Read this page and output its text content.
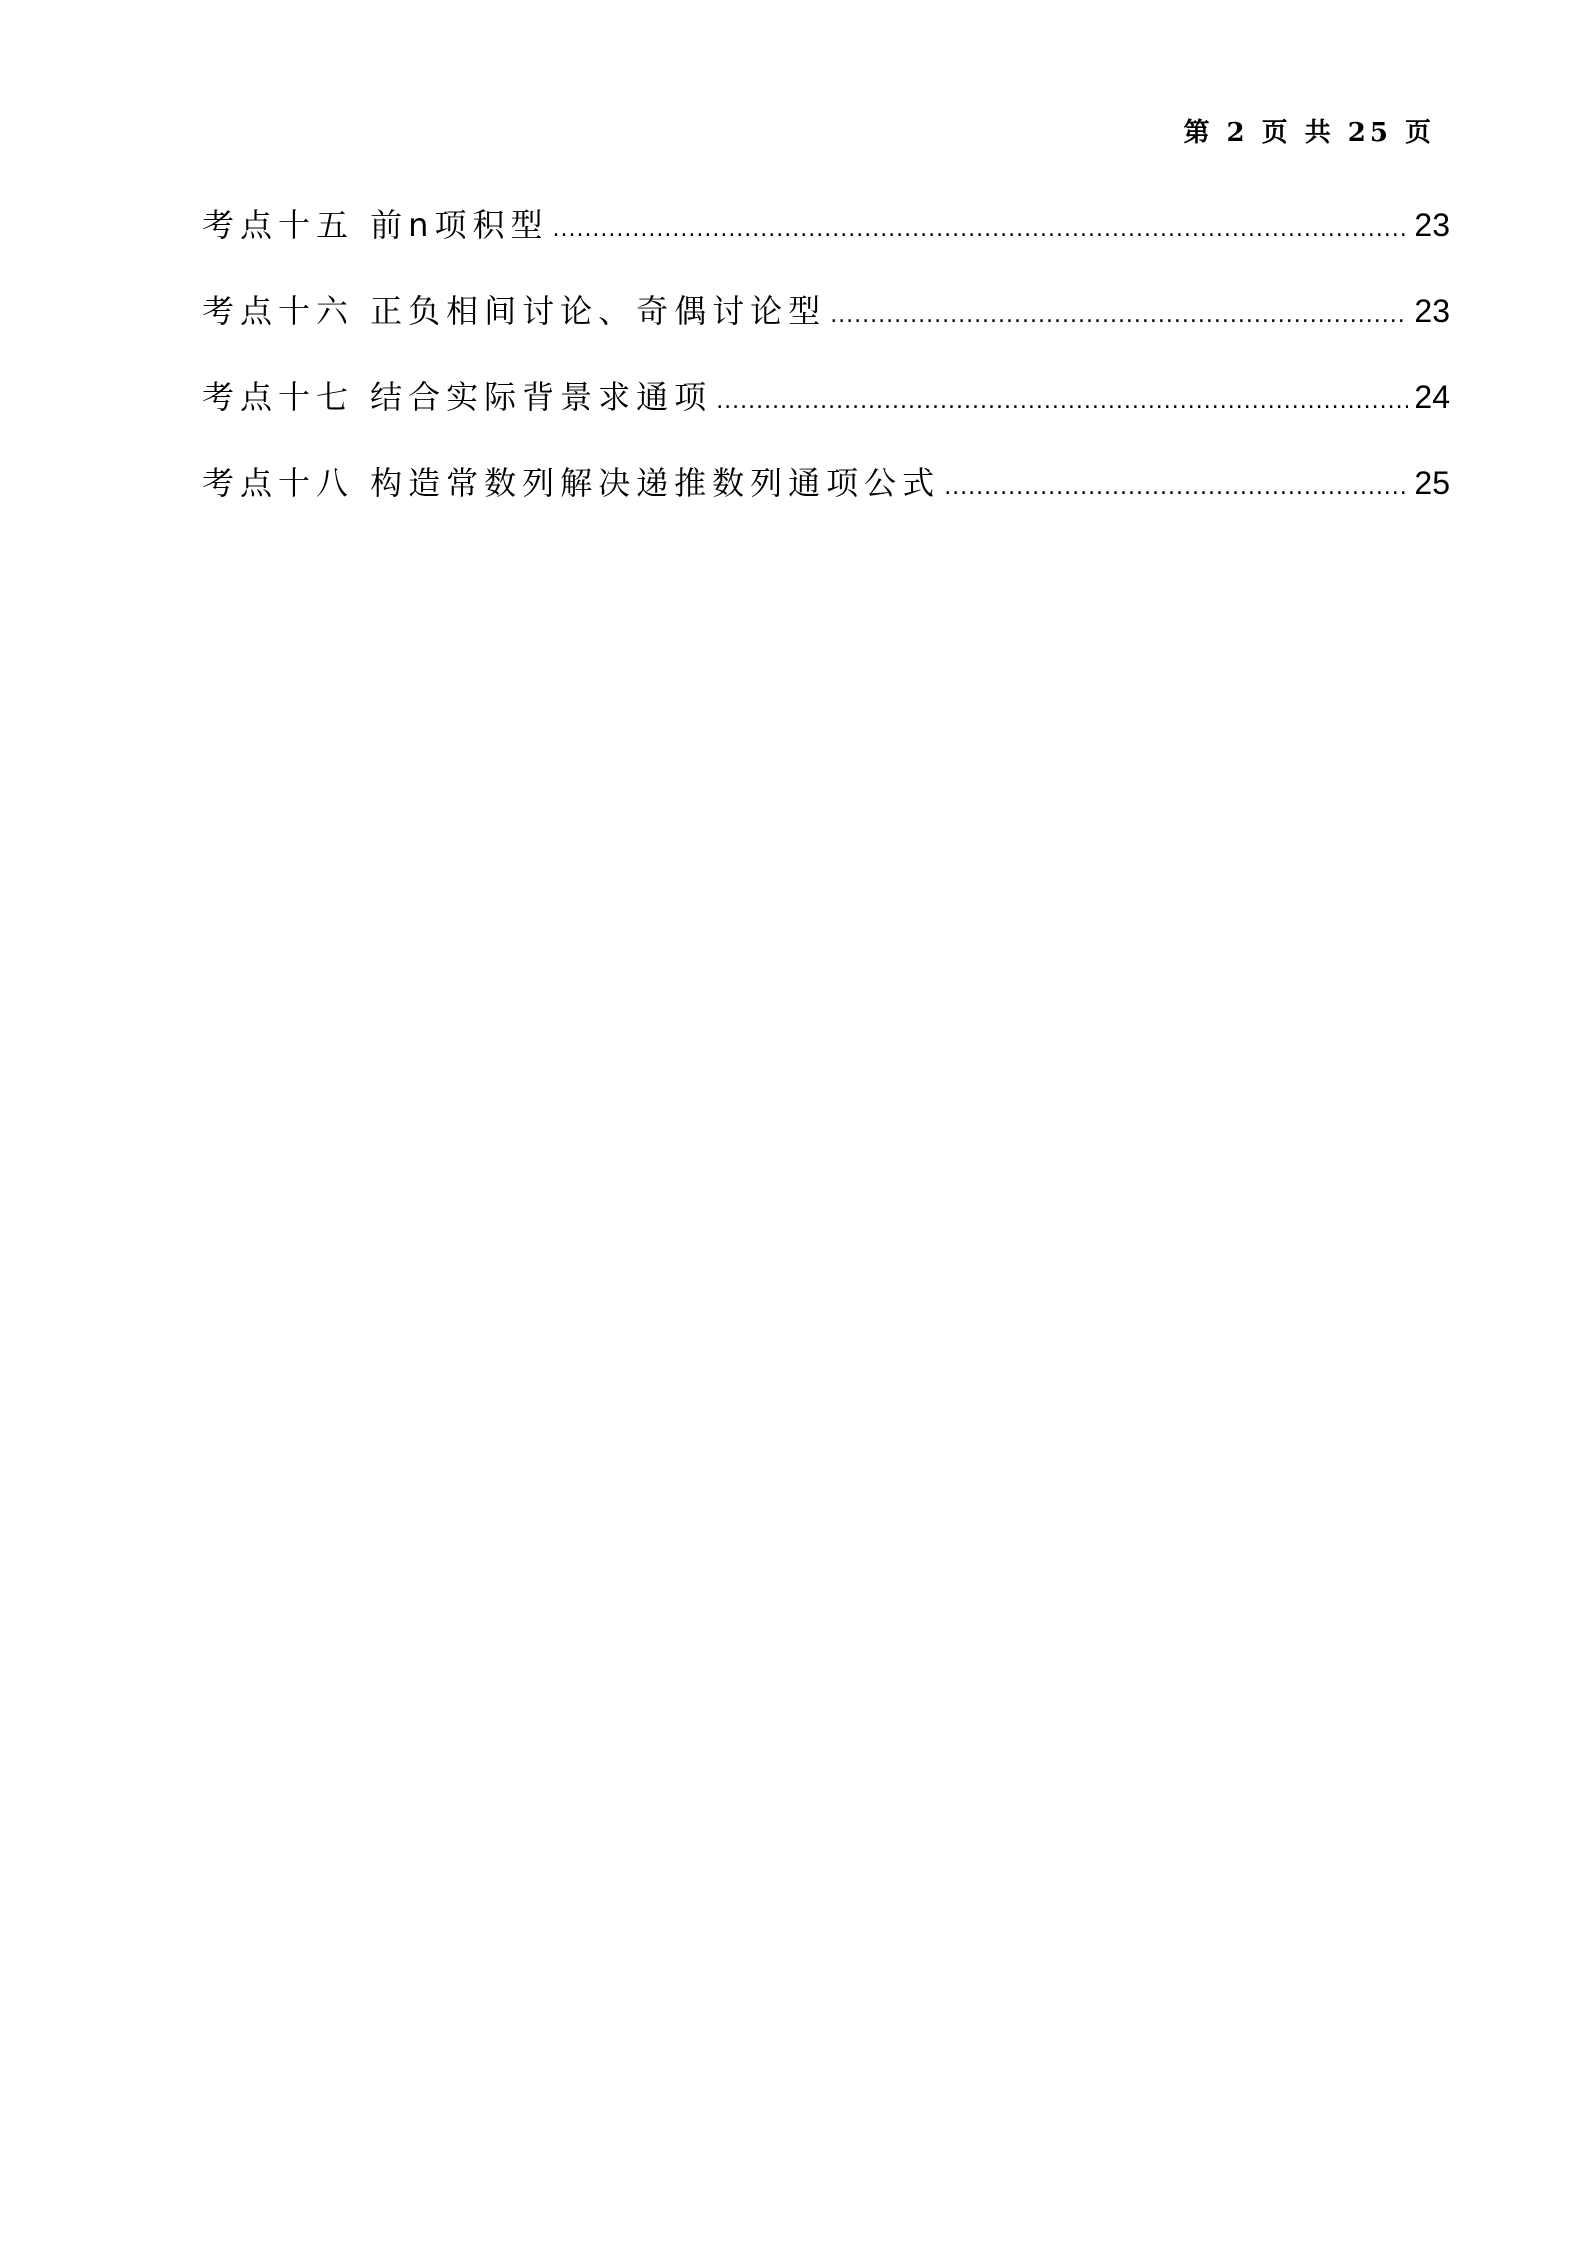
第 2 页 共 25 页
考点十五 前n项积型 .....	23
考点十六 正负相间讨论、奇偶讨论型 .....	23
考点十七 结合实际背景求通项 .....	24
考点十八 构造常数列解决递推数列通项公式 .....	25
